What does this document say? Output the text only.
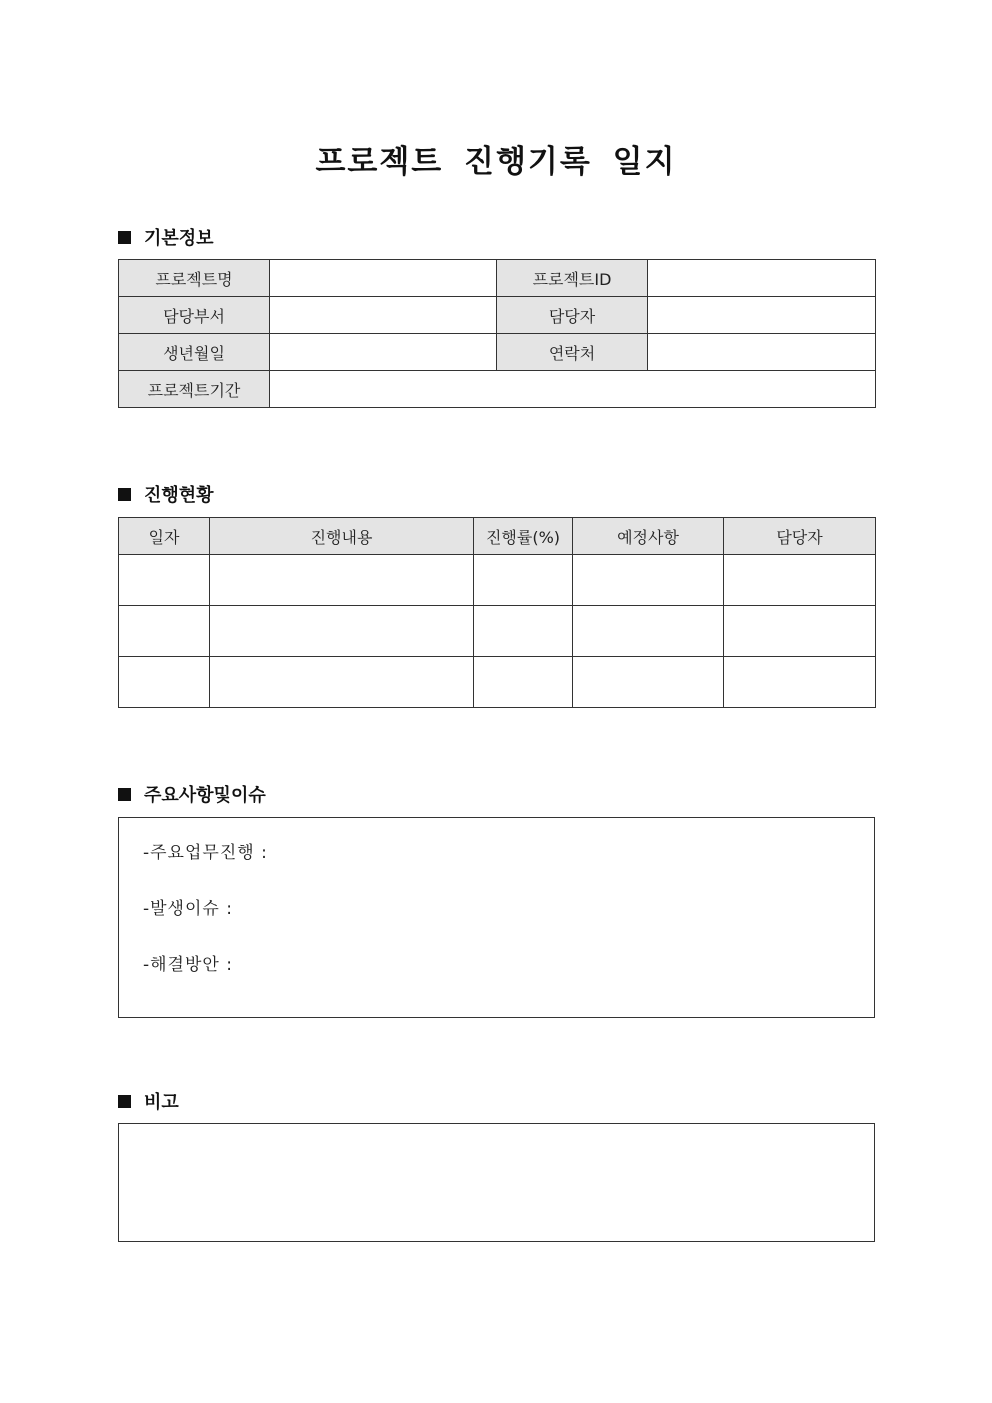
프로젝트 진행기록 일지
기본정보
프로젝트명		프로젝트ID	
담당부서		담당자	
생년월일		연락처	
프로젝트기간			
진행현황
일자	진행내용	진행률(%)	예정사항	담당자

주요사항및이슈
-주요업무진행 :
-발생이슈 :
-해결방안 :
비고
